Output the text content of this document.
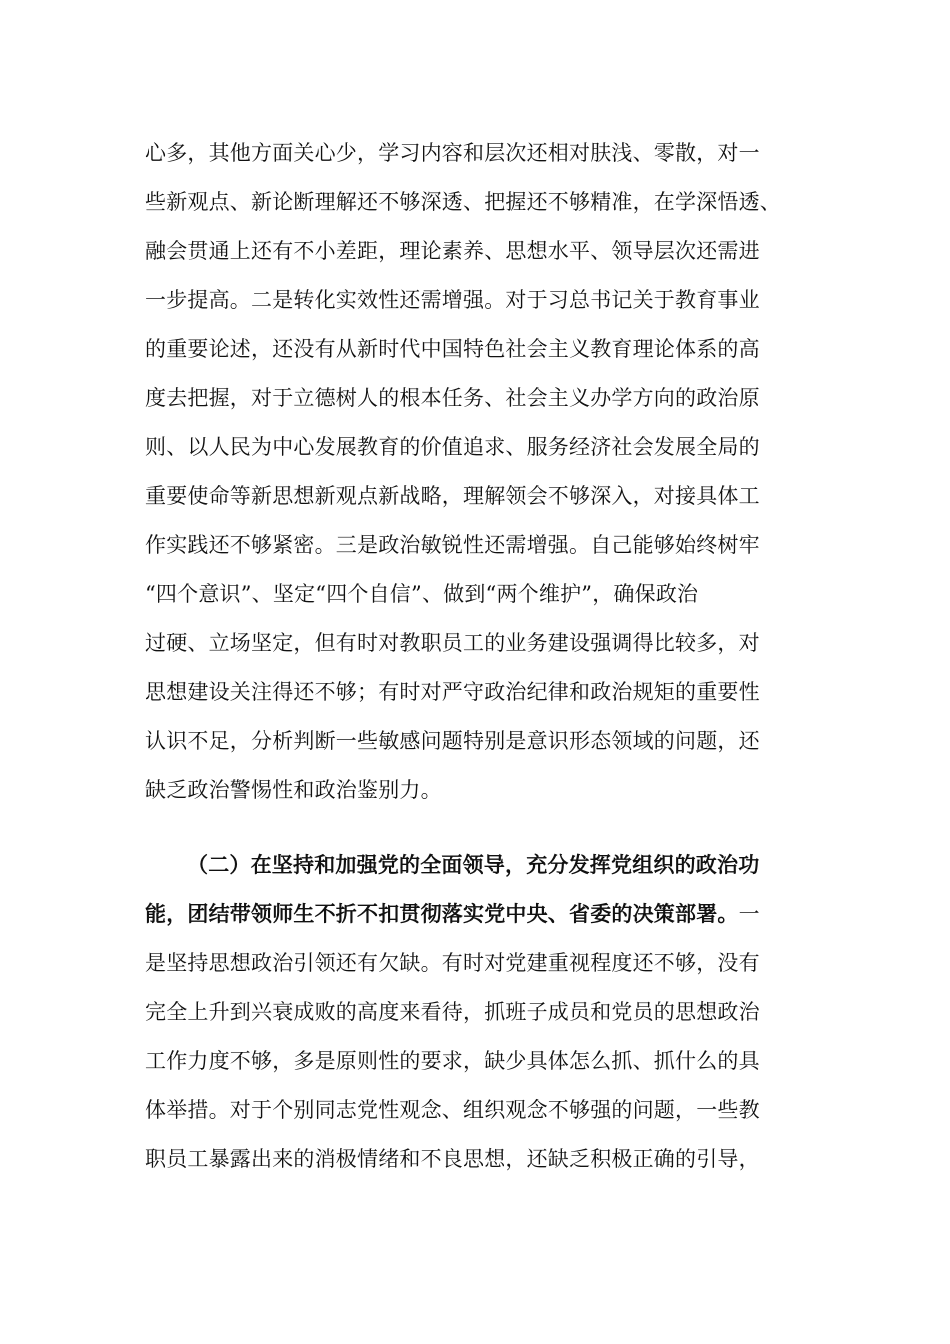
心多，其他方面关心少，学习内容和层次还相对肤浅、零散，对一
些新观点、新论断理解还不够深透、把握还不够精准，在学深悟透、
融会贯通上还有不小差距，理论素养、思想水平、领导层次还需进
一步提高。二是转化实效性还需增强。对于习总书记关于教育事业
的重要论述，还没有从新时代中国特色社会主义教育理论体系的高
度去把握，对于立德树人的根本任务、社会主义办学方向的政治原
则、以人民为中心发展教育的价值追求、服务经济社会发展全局的
重要使命等新思想新观点新战略，理解领会不够深入，对接具体工
作实践还不够紧密。三是政治敏锐性还需增强。自己能够始终树牢
“四个意识”、坚定“四个自信”、做到“两个维护”，确保政治
过硬、立场坚定，但有时对教职员工的业务建设强调得比较多，对
思想建设关注得还不够；有时对严守政治纪律和政治规矩的重要性
认识不足，分析判断一些敏感问题特别是意识形态领域的问题，还
缺乏政治警惕性和政治鉴别力。
（二）在坚持和加强党的全面领导，充分发挥党组织的政治功
能，团结带领师生不折不扣贯彻落实党中央、省委的决策部署。一
是坚持思想政治引领还有欠缺。有时对党建重视程度还不够，没有
完全上升到兴衰成败的高度来看待，抓班子成员和党员的思想政治
工作力度不够，多是原则性的要求，缺少具体怎么抓、抓什么的具
体举措。对于个别同志党性观念、组织观念不够强的问题，一些教
职员工暴露出来的消极情绪和不良思想，还缺乏积极正确的引导，
